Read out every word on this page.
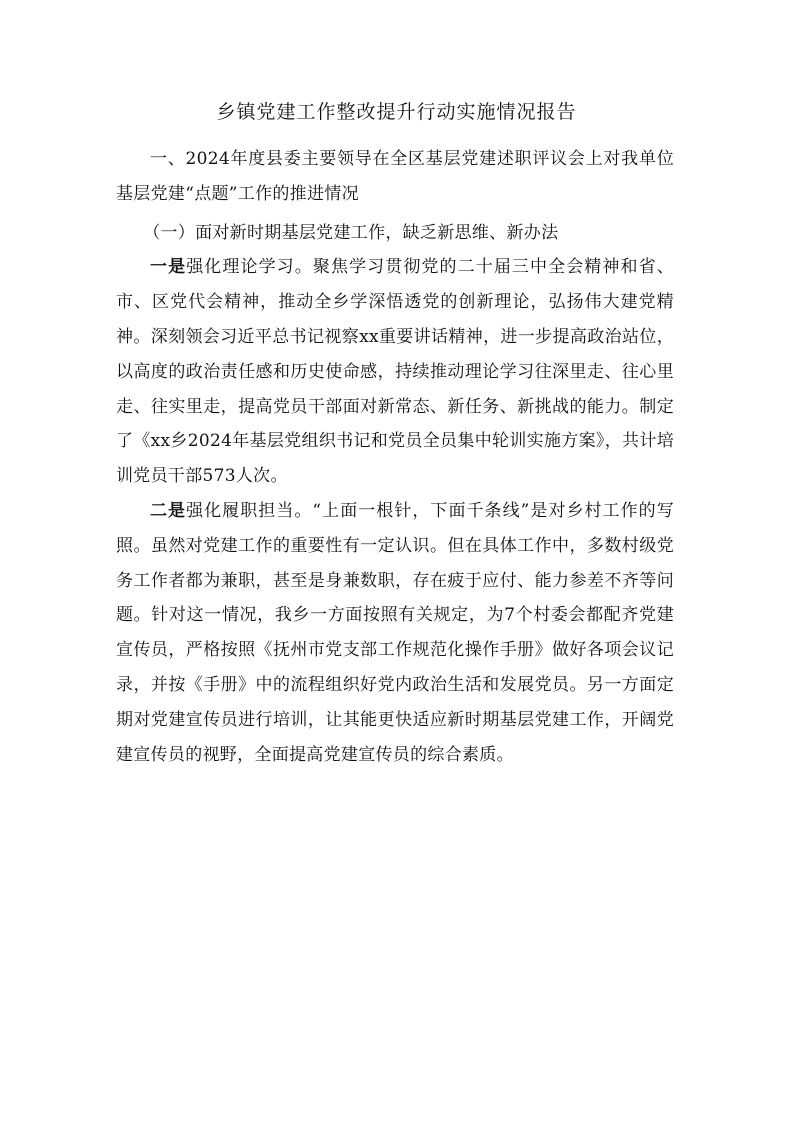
乡镇党建工作整改提升行动实施情况报告

一、2024年度县委主要领导在全区基层党建述职评议会上对我单位基层党建“点题”工作的推进情况

（一）面对新时期基层党建工作，缺乏新思维、新办法

一是强化理论学习。聚焦学习贯彻党的二十届三中全会精神和省、市、区党代会精神，推动全乡学深悟透党的创新理论，弘扬伟大建党精神。深刻领会习近平总书记视察xx重要讲话精神，进一步提高政治站位，以高度的政治责任感和历史使命感，持续推动理论学习往深里走、往心里走、往实里走，提高党员干部面对新常态、新任务、新挑战的能力。制定了《xx乡2024年基层党组织书记和党员全员集中轮训实施方案》，共计培训党员干部573人次。

二是强化履职担当。“上面一根针，下面千条线”是对乡村工作的写照。虽然对党建工作的重要性有一定认识。但在具体工作中，多数村级党务工作者都为兼职，甚至是身兼数职，存在疲于应付、能力参差不齐等问题。针对这一情况，我乡一方面按照有关规定，为7个村委会都配齐党建宣传员，严格按照《抚州市党支部工作规范化操作手册》做好各项会议记录，并按《手册》中的流程组织好党内政治生活和发展党员。另一方面定期对党建宣传员进行培训，让其能更快适应新时期基层党建工作，开阔党建宣传员的视野，全面提高党建宣传员的综合素质。
